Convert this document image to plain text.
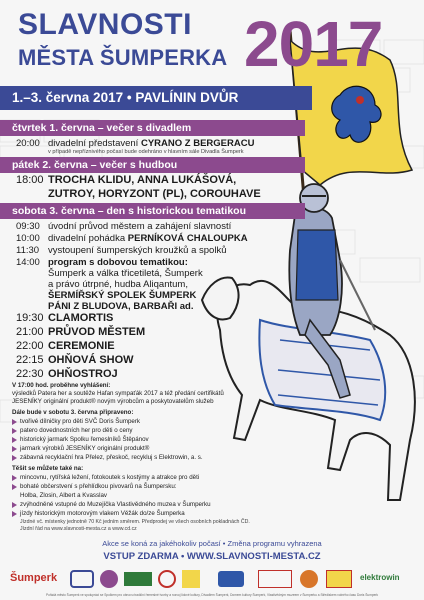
SLAVNOSTI
MĚSTA ŠUMPERKA 2017
1.–3. června 2017 • PAVLÍNIN DVŮR
čtvrtek 1. června – večer s divadlem
20:00 divadelní představení CYRANO Z BERGERACU
v případě nepříznivého počasí bude odehráno v hlavním sále Divadla Šumperk
pátek 2. června – večer s hudbou
18:00 TROCHA KLIDU, ANNA LUKÁŠOVÁ,
ZUTROY, HORYZONT (PL), COROUHAVE
sobota 3. června – den s historickou tematikou
09:30 úvodní průvod městem a zahájení slavností
10:00 divadelní pohádka PERNÍKOVÁ CHALOUPKA
11:30 vystoupení šumperských kroužků a spolků
14:00 program s dobovou tematikou:
Šumperk a válka třicetiletá, Šumperk
a právo útrpné, hudba Aliqantum,
ŠERMÍŘSKÝ SPOLEK ŠUMPERK
PÁNI Z BLUDOVA, BARBAŘI ad.
19:30 CLAMORTIS
21:00 PRŮVOD MĚSTEM
22:00 CEREMONIE
22:15 OHŇOVÁ SHOW
22:30 OHŇOSTROJ
V 17:00 hod. proběhne vyhlášení:
výsledků Patera her a soutěže Hafan sympaťák 2017 a též předání certifikátů
JESENÍKY originální produkt® novým výrobcům a poskytovatelům služeb
Dále bude v sobotu 3. června připraveno:
tvořivé dílničky pro děti SVČ Doris Šumperk
patero dovednostních her pro děti o ceny
historický jarmark Spolku řemeslníků Štěpánov
jarmark výrobků JESENÍKY originální produkt®
zábavná recyklační hra Přelez, přeskoč, recykluj s Elektrowin, a. s.
Těšit se můžete také na:
mincovnu, rytířská ležení, fotokoutek s kostýmy a atrakce pro děti
bohaté občerstvení s přehlídkou pivovarů na Šumpersku:
Holba, Zlosin, Albert a Kvasslav
zvýhodněné vstupné do Muzejíčka Vlastivědného muzea v Šumperku
jízdy historickým motorovým vlakem Věžák do/ze Šumperka
Jízdné vč. místenky jednotně 70 Kč jedním směrem. Předprodej ve všech osobních pokladnách ČD.
Jízdní řád na www.slavnosti-mesta.cz a www.cd.cz
Akce se koná za jakéhokoliv počasí • Změna programu vyhrazena
VSTUP ZDARMA • WWW.SLAVNOSTI-MESTA.CZ
Šumperk	elektrowin
Pořádá město Šumperk ve spolupráci se Spolkem pro obnovu tradiční řemeslné tvorby a rozvoj lidové kultury, Divadlem Šumperk, Domem kultury Šumperk, Vlastivědným muzeem v Šumperku a Střediskem volného času Doris Šumperk
